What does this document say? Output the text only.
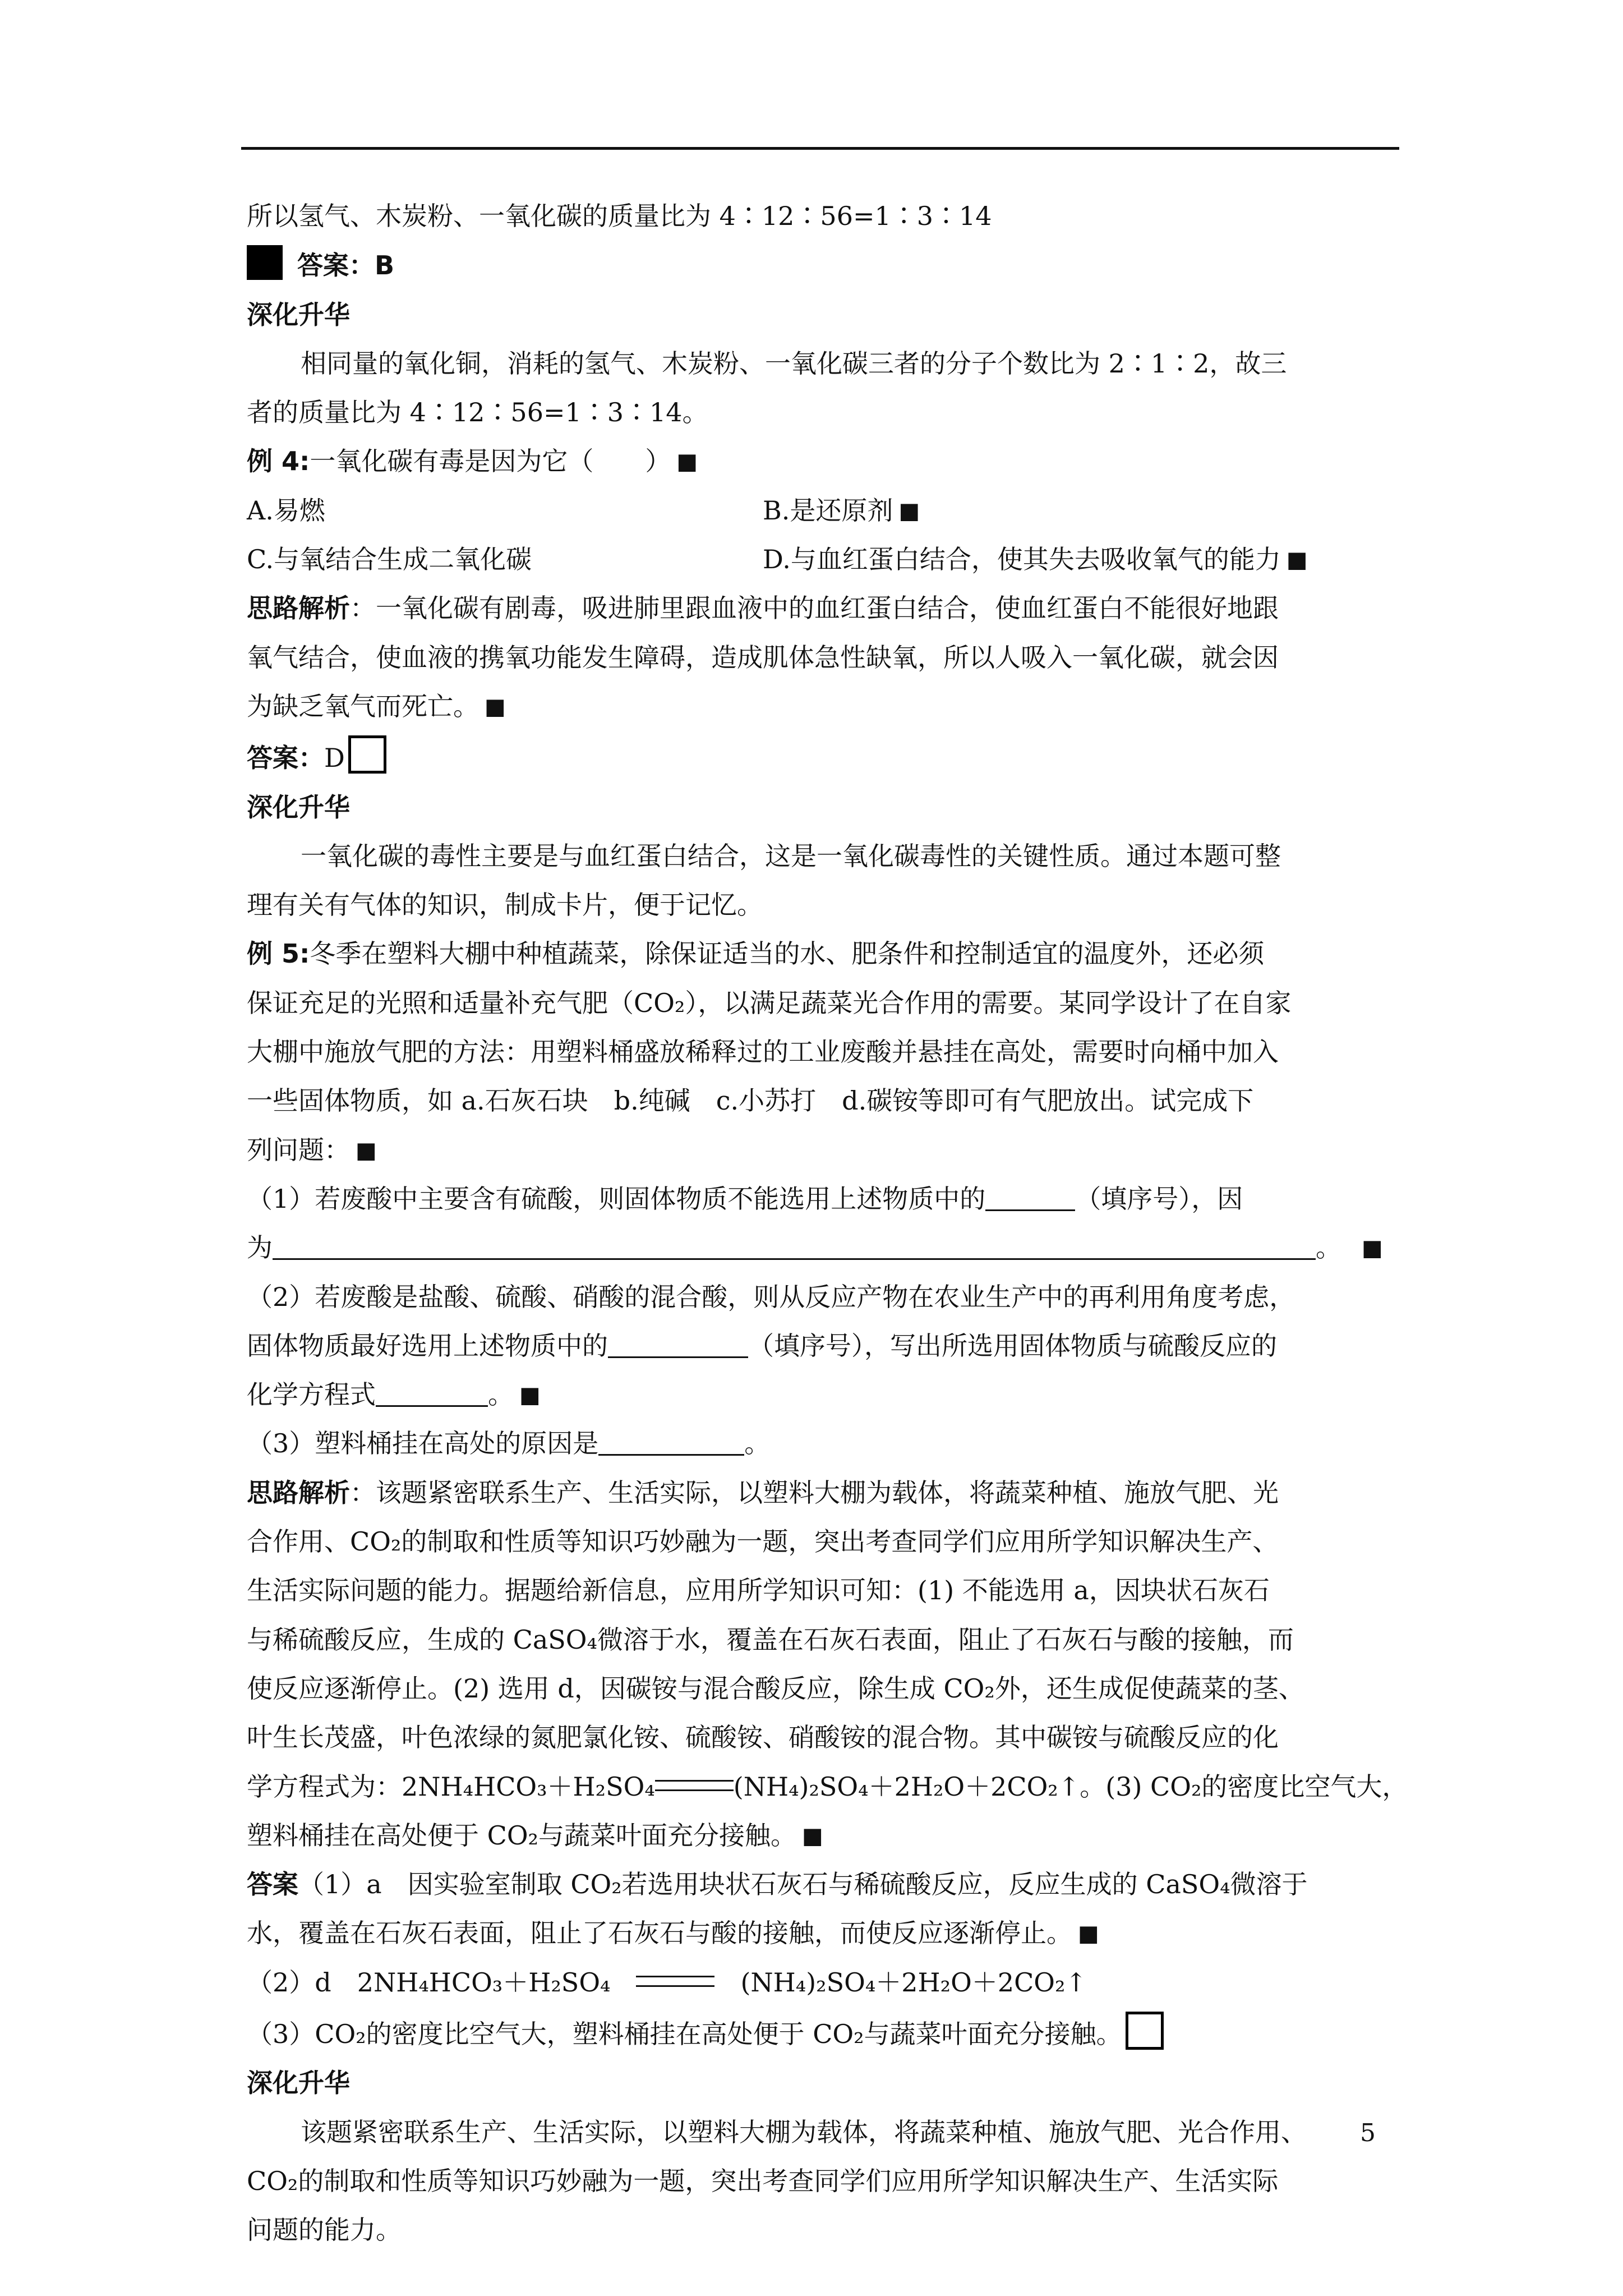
所以氢气、木炭粉、一氧化碳的质量比为 4∶12∶56=1∶3∶14

答案：B

深化升华

相同量的氧化铜，消耗的氢气、木炭粉、一氧化碳三者的分子个数比为 2∶1∶2，故三

者的质量比为 4∶12∶56=1∶3∶14。

例 4:一氧化碳有毒是因为它（　　） ■

A.易燃	B.是还原剂 ■
C.与氧结合生成二氧化碳	D.与血红蛋白结合，使其失去吸收氧气的能力 ■

思路解析：一氧化碳有剧毒，吸进肺里跟血液中的血红蛋白结合，使血红蛋白不能很好地跟

氧气结合，使血液的携氧功能发生障碍，造成肌体急性缺氧，所以人吸入一氧化碳，就会因

为缺乏氧气而死亡。 ■

答案：D

深化升华

一氧化碳的毒性主要是与血红蛋白结合，这是一氧化碳毒性的关键性质。通过本题可整

理有关有气体的知识，制成卡片，便于记忆。

例 5:冬季在塑料大棚中种植蔬菜，除保证适当的水、肥条件和控制适宜的温度外，还必须

保证充足的光照和适量补充气肥（CO₂），以满足蔬菜光合作用的需要。某同学设计了在自家

大棚中施放气肥的方法：用塑料桶盛放稀释过的工业废酸并悬挂在高处，需要时向桶中加入

一些固体物质，如 a.石灰石块　b.纯碱　c.小苏打　d.碳铵等即可有气肥放出。试完成下

列问题： ■

（1）若废酸中主要含有硫酸，则固体物质不能选用上述物质中的	（填序号），因

为	。 ■

（2）若废酸是盐酸、硫酸、硝酸的混合酸，则从反应产物在农业生产中的再利用角度考虑，

固体物质最好选用上述物质中的	（填序号），写出所选用固体物质与硫酸反应的

化学方程式	。 ■

（3）塑料桶挂在高处的原因是	。

思路解析：该题紧密联系生产、生活实际，以塑料大棚为载体，将蔬菜种植、施放气肥、光

合作用、CO₂的制取和性质等知识巧妙融为一题，突出考查同学们应用所学知识解决生产、

生活实际问题的能力。据题给新信息，应用所学知识可知：(1) 不能选用 a，因块状石灰石

与稀硫酸反应，生成的 CaSO₄微溶于水，覆盖在石灰石表面，阻止了石灰石与酸的接触，而

使反应逐渐停止。(2) 选用 d，因碳铵与混合酸反应，除生成 CO₂外，还生成促使蔬菜的茎、

叶生长茂盛，叶色浓绿的氮肥氯化铵、硫酸铵、硝酸铵的混合物。其中碳铵与硫酸反应的化

学方程式为：2NH₄HCO₃＋H₂SO₄	(NH₄)₂SO₄＋2H₂O＋2CO₂↑。(3) CO₂的密度比空气大，

塑料桶挂在高处便于 CO₂与蔬菜叶面充分接触。 ■

答案（1）a　因实验室制取 CO₂若选用块状石灰石与稀硫酸反应，反应生成的 CaSO₄微溶于

水，覆盖在石灰石表面，阻止了石灰石与酸的接触，而使反应逐渐停止。 ■

（2）d　2NH₄HCO₃＋H₂SO₄　　	(NH₄)₂SO₄＋2H₂O＋2CO₂↑

（3）CO₂的密度比空气大，塑料桶挂在高处便于 CO₂与蔬菜叶面充分接触。

深化升华

该题紧密联系生产、生活实际，以塑料大棚为载体，将蔬菜种植、施放气肥、光合作用、

CO₂的制取和性质等知识巧妙融为一题，突出考查同学们应用所学知识解决生产、生活实际

问题的能力。

5
